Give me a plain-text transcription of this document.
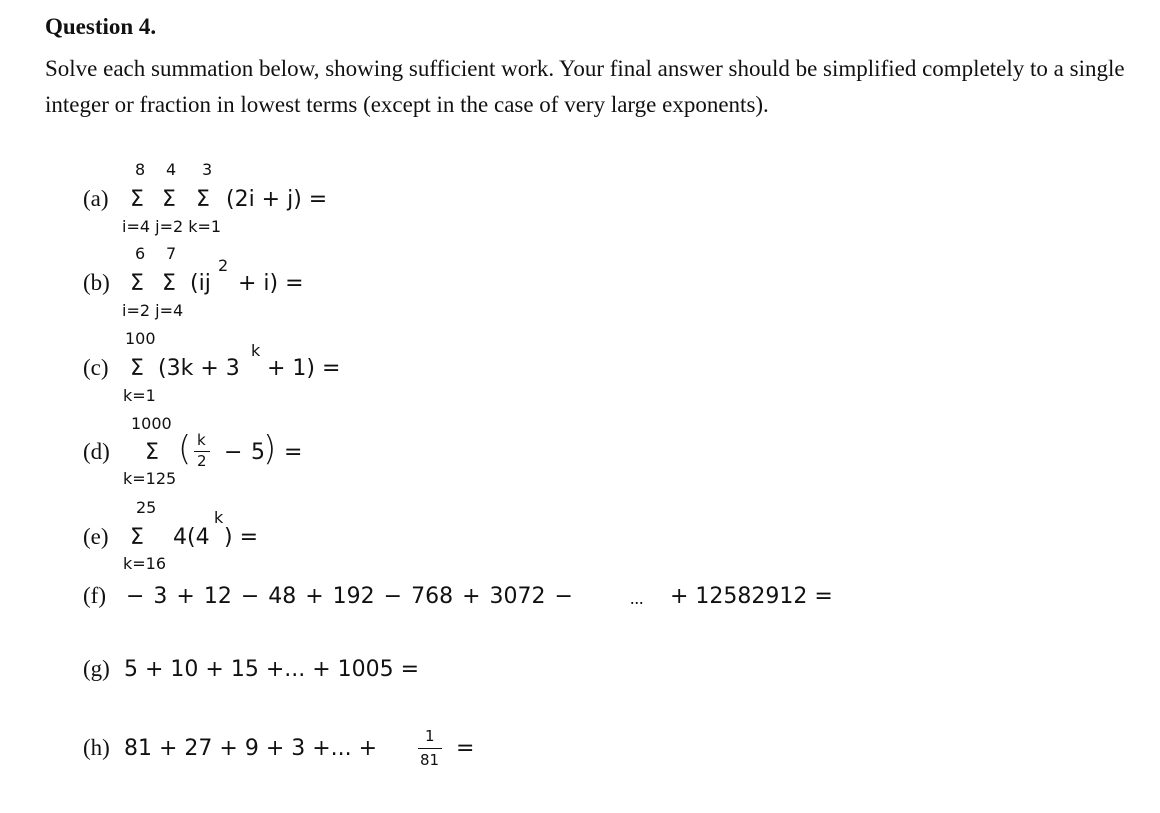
Question 4.
Solve each summation below, showing sufficient work. Your final answer should be simplified completely to a single integer or fraction in lowest terms (except in the case of very large exponents).
8 4 3
(a) Σ Σ Σ (2i + j) =
i=4 j=2 k=1
6 7
(b) Σ Σ (ij
2
+ i) =
i=2 j=4
100
(c) Σ (3k + 3
k
+ 1) =
k=1
1000
(d) Σ ( k
2 − 5
) =
k=125
25
(e) Σ 4(4
k
) =
k=16
(f) − 3 + 12 − 48 + 192 − 768 + 3072 −	... + 12582912 =
(g) 5 + 10 + 15 +... + 1005 =
(h) 81 + 27 + 9 + 3 +... +	1
81 =
